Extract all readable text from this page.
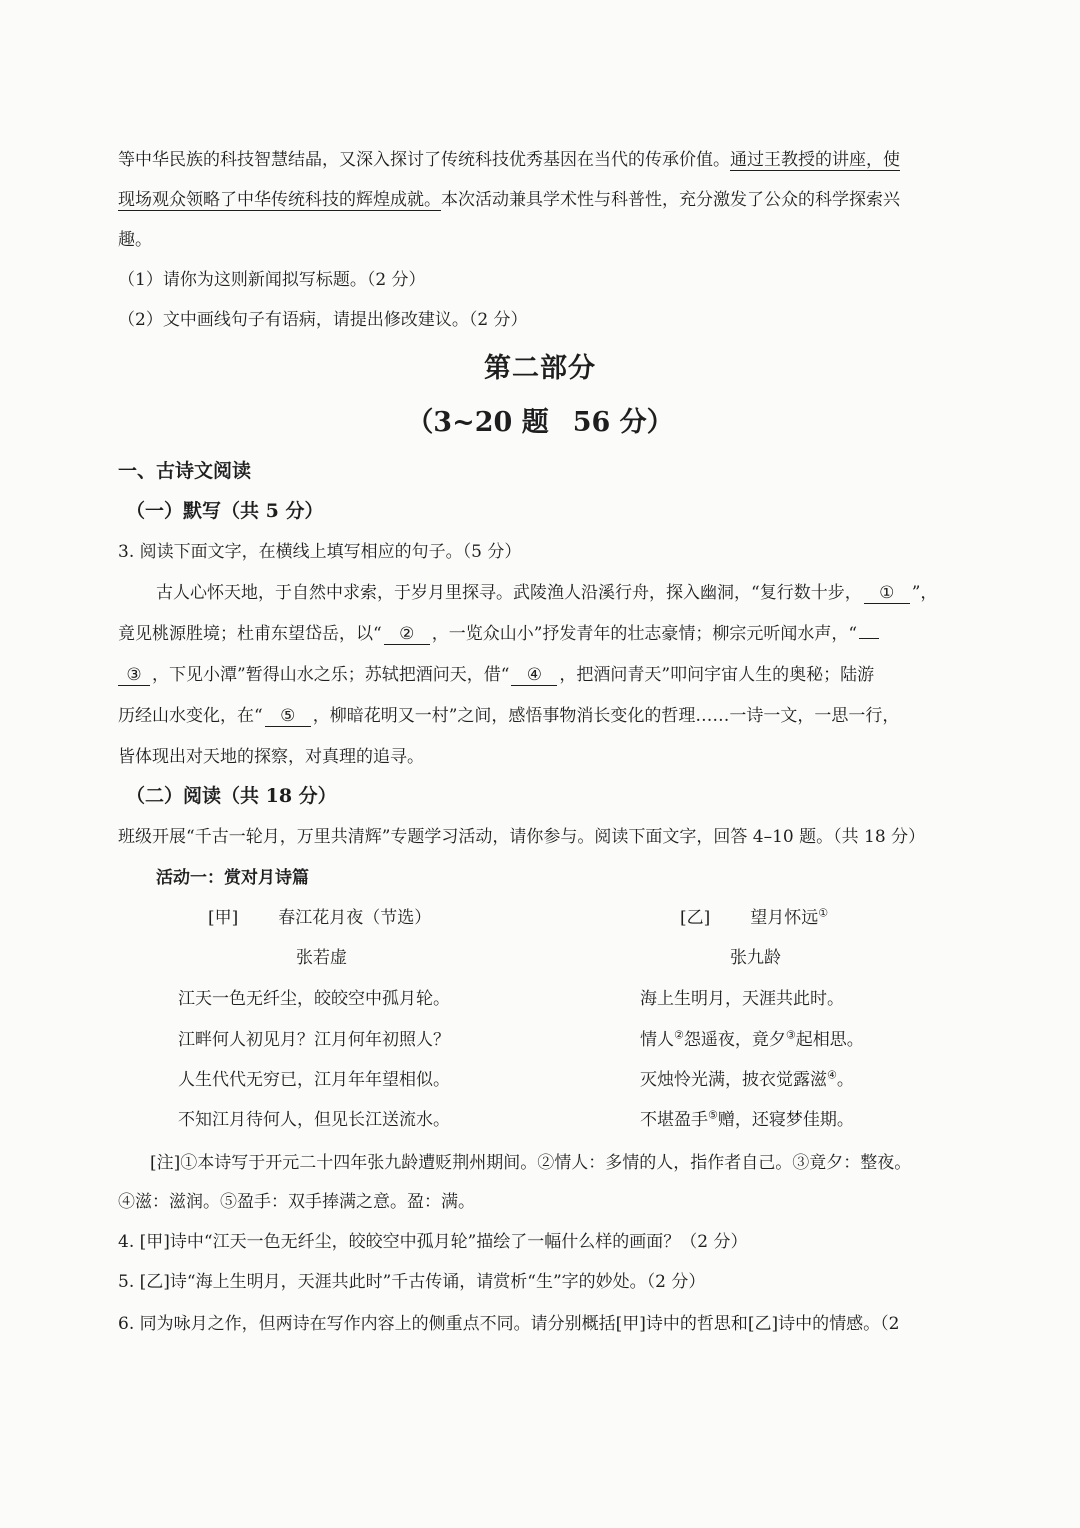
等中华民族的科技智慧结晶，又深入探讨了传统科技优秀基因在当代的传承价值。通过王教授的讲座，使
现场观众领略了中华传统科技的辉煌成就。本次活动兼具学术性与科普性，充分激发了公众的科学探索兴
趣。
（1）请你为这则新闻拟写标题。（2 分）
（2）文中画线句子有语病，请提出修改建议。（2 分）
第二部分
（3~20 题 56 分）
一、古诗文阅读
（一）默写（共 5 分）
3. 阅读下面文字，在横线上填写相应的句子。（5 分）
古人心怀天地，于自然中求索，于岁月里探寻。武陵渔人沿溪行舟，探入幽洞，“复行数十步， ① ”，
竟见桃源胜境；杜甫东望岱岳，以“ ② ，一览众山小”抒发青年的壮志豪情；柳宗元听闻水声，“
③ ，下见小潭”暂得山水之乐；苏轼把酒问天，借“ ④ ，把酒问青天”叩问宇宙人生的奥秘；陆游
历经山水变化，在“ ⑤ ，柳暗花明又一村”之间，感悟事物消长变化的哲理……一诗一文，一思一行，
皆体现出对天地的探察，对真理的追寻。
（二）阅读（共 18 分）
班级开展“千古一轮月，万里共清辉”专题学习活动，请你参与。阅读下面文字，回答 4–10 题。（共 18 分）
活动一：赏对月诗篇
[甲] 春江花月夜（节选）
张若虚
江天一色无纤尘，皎皎空中孤月轮。
江畔何人初见月？江月何年初照人？
人生代代无穷已，江月年年望相似。
不知江月待何人，但见长江送流水。
[乙] 望月怀远①
张九龄
海上生明月，天涯共此时。
情人②怨遥夜，竟夕③起相思。
灭烛怜光满，披衣觉露滋④。
不堪盈手⑤赠，还寝梦佳期。
[注]①本诗写于开元二十四年张九龄遭贬荆州期间。②情人：多情的人，指作者自己。③竟夕：整夜。
④滋：滋润。⑤盈手：双手捧满之意。盈：满。
4. [甲]诗中“江天一色无纤尘，皎皎空中孤月轮”描绘了一幅什么样的画面？（2 分）
5. [乙]诗“海上生明月，天涯共此时”千古传诵，请赏析“生”字的妙处。（2 分）
6. 同为咏月之作，但两诗在写作内容上的侧重点不同。请分别概括[甲]诗中的哲思和[乙]诗中的情感。（2
